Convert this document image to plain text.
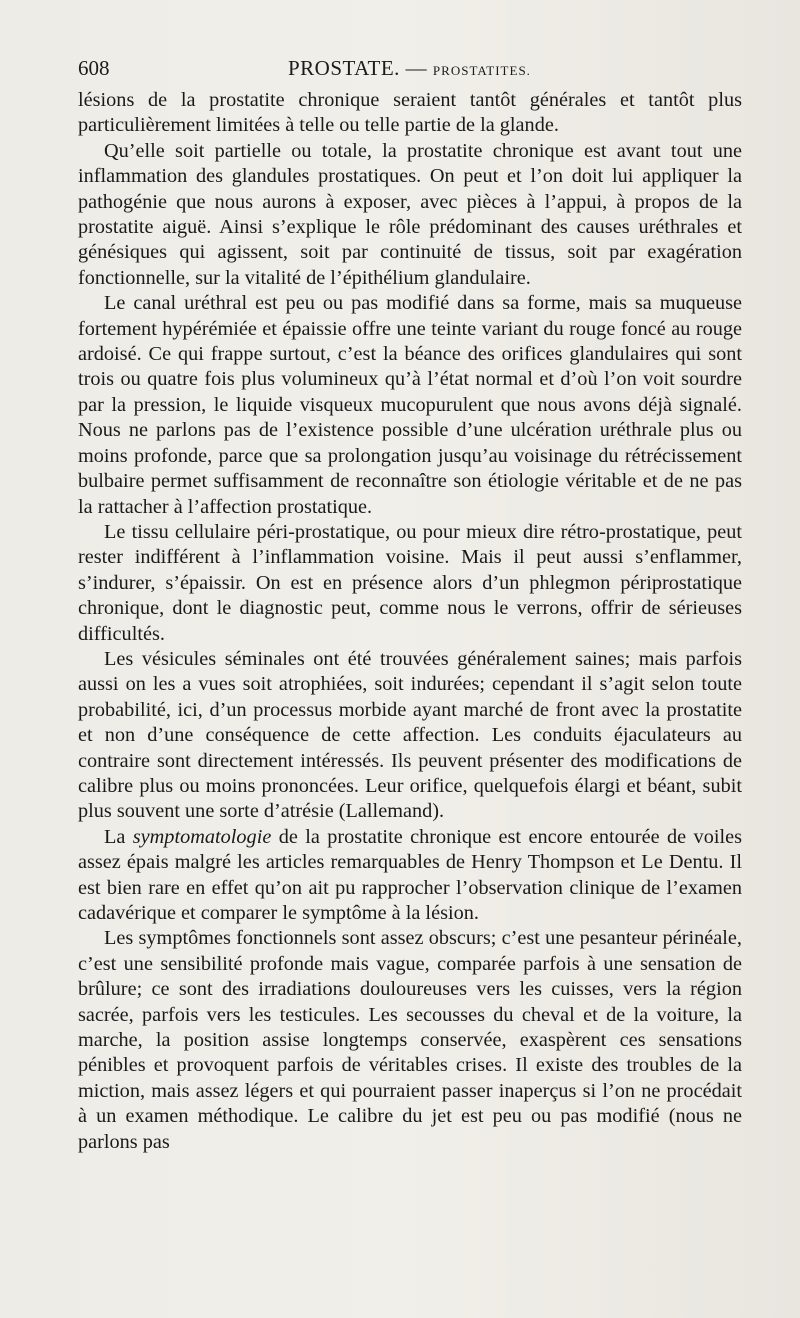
608	PROSTATE. — PROSTATITES.

lésions de la prostatite chronique seraient tantôt générales et tantôt plus particulièrement limitées à telle ou telle partie de la glande.

Qu’elle soit partielle ou totale, la prostatite chronique est avant tout une inflammation des glandules prostatiques. On peut et l’on doit lui appliquer la pathogénie que nous aurons à exposer, avec pièces à l’appui, à propos de la prostatite aiguë. Ainsi s’explique le rôle prédominant des causes uréthrales et génésiques qui agissent, soit par continuité de tissus, soit par exagération fonctionnelle, sur la vitalité de l’épithélium glandulaire.

Le canal uréthral est peu ou pas modifié dans sa forme, mais sa muqueuse fortement hypérémiée et épaissie offre une teinte variant du rouge foncé au rouge ardoisé. Ce qui frappe surtout, c’est la béance des orifices glandulaires qui sont trois ou quatre fois plus volumineux qu’à l’état normal et d’où l’on voit sourdre par la pression, le liquide visqueux mucopurulent que nous avons déjà signalé. Nous ne parlons pas de l’existence possible d’une ulcération uréthrale plus ou moins profonde, parce que sa prolongation jusqu’au voisinage du rétrécissement bulbaire permet suffisamment de reconnaître son étiologie véritable et de ne pas la rattacher à l’affection prostatique.

Le tissu cellulaire péri-prostatique, ou pour mieux dire rétro-prostatique, peut rester indifférent à l’inflammation voisine. Mais il peut aussi s’enflammer, s’indurer, s’épaissir. On est en présence alors d’un phlegmon périprostatique chronique, dont le diagnostic peut, comme nous le verrons, offrir de sérieuses difficultés.

Les vésicules séminales ont été trouvées généralement saines; mais parfois aussi on les a vues soit atrophiées, soit indurées; cependant il s’agit selon toute probabilité, ici, d’un processus morbide ayant marché de front avec la prostatite et non d’une conséquence de cette affection. Les conduits éjaculateurs au contraire sont directement intéressés. Ils peuvent présenter des modifications de calibre plus ou moins prononcées. Leur orifice, quelquefois élargi et béant, subit plus souvent une sorte d’atrésie (Lallemand).

La symptomatologie de la prostatite chronique est encore entourée de voiles assez épais malgré les articles remarquables de Henry Thompson et Le Dentu. Il est bien rare en effet qu’on ait pu rapprocher l’observation clinique de l’examen cadavérique et comparer le symptôme à la lésion.

Les symptômes fonctionnels sont assez obscurs; c’est une pesanteur périnéale, c’est une sensibilité profonde mais vague, comparée parfois à une sensation de brûlure; ce sont des irradiations douloureuses vers les cuisses, vers la région sacrée, parfois vers les testicules. Les secousses du cheval et de la voiture, la marche, la position assise longtemps conservée, exaspèrent ces sensations pénibles et provoquent parfois de véritables crises. Il existe des troubles de la miction, mais assez légers et qui pourraient passer inaperçus si l’on ne procédait à un examen méthodique. Le calibre du jet est peu ou pas modifié (nous ne parlons pas
